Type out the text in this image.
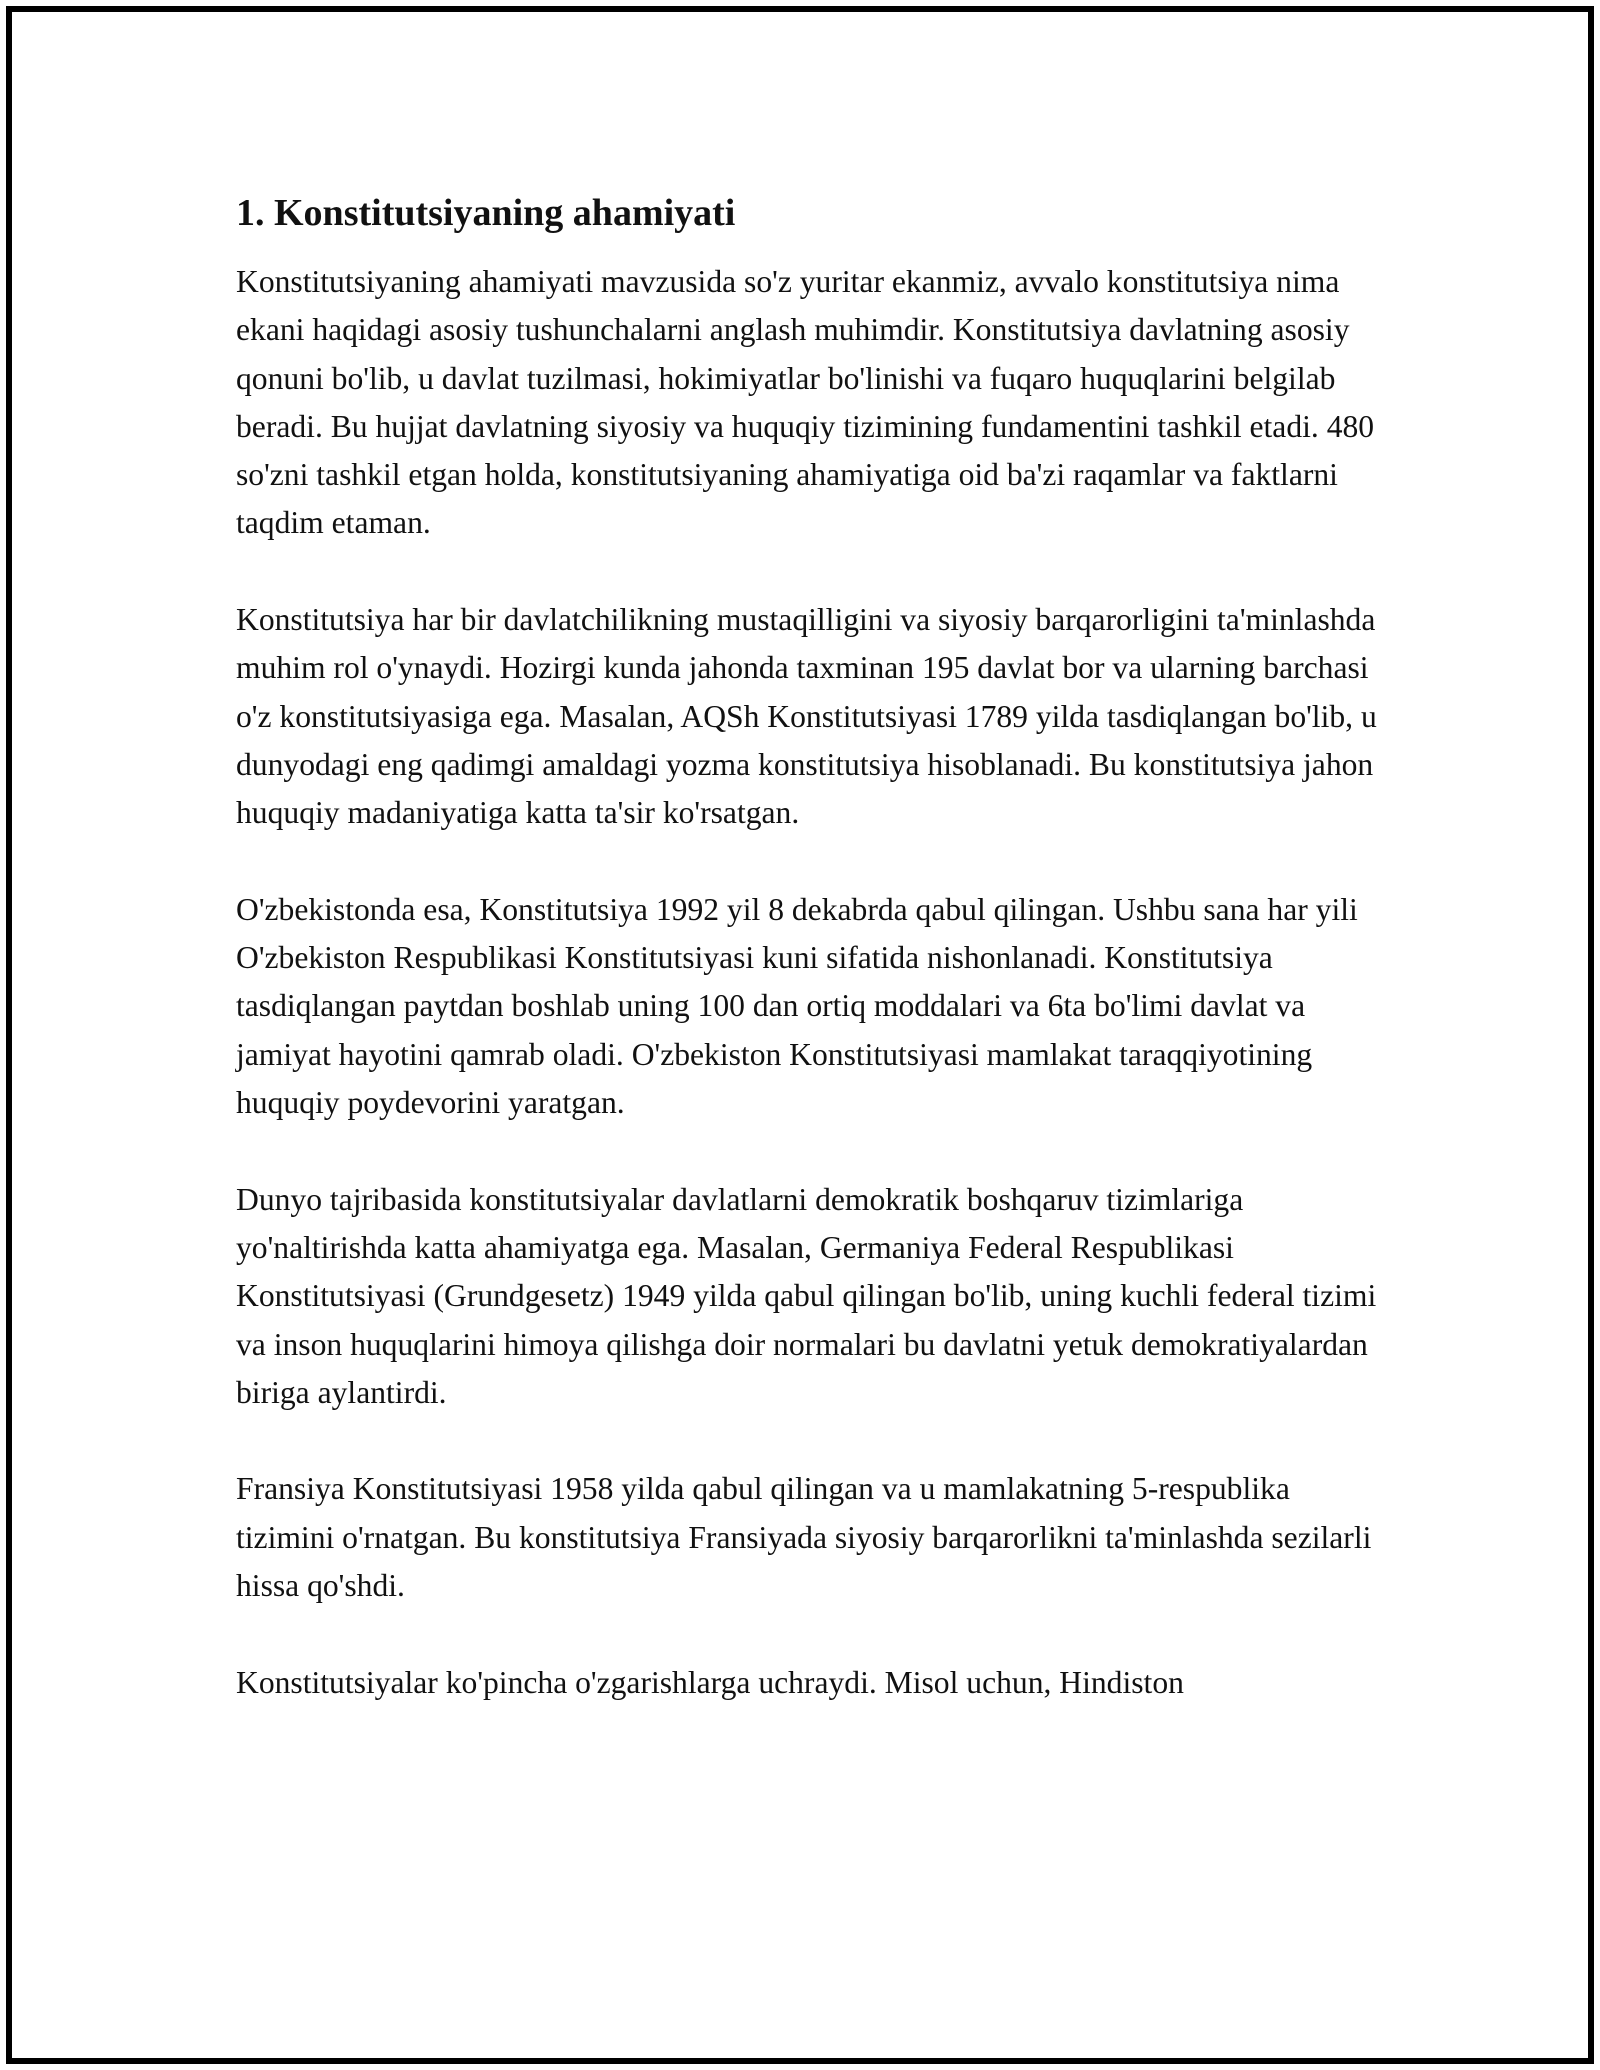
1. Konstitutsiyaning ahamiyati

Konstitutsiyaning ahamiyati mavzusida so'z yuritar ekanmiz, avvalo konstitutsiya nima ekani haqidagi asosiy tushunchalarni anglash muhimdir. Konstitutsiya davlatning asosiy qonuni bo'lib, u davlat tuzilmasi, hokimiyatlar bo'linishi va fuqaro huquqlarini belgilab beradi. Bu hujjat davlatning siyosiy va huquqiy tizimining fundamentini tashkil etadi. 480 so'zni tashkil etgan holda, konstitutsiyaning ahamiyatiga oid ba'zi raqamlar va faktlarni taqdim etaman.

Konstitutsiya har bir davlatchilikning mustaqilligini va siyosiy barqarorligini ta'minlashda muhim rol o'ynaydi. Hozirgi kunda jahonda taxminan 195 davlat bor va ularning barchasi o'z konstitutsiyasiga ega. Masalan, AQSh Konstitutsiyasi 1789 yilda tasdiqlangan bo'lib, u dunyodagi eng qadimgi amaldagi yozma konstitutsiya hisoblanadi. Bu konstitutsiya jahon huquqiy madaniyatiga katta ta'sir ko'rsatgan.

O'zbekistonda esa, Konstitutsiya 1992 yil 8 dekabrda qabul qilingan. Ushbu sana har yili O'zbekiston Respublikasi Konstitutsiyasi kuni sifatida nishonlanadi. Konstitutsiya tasdiqlangan paytdan boshlab uning 100 dan ortiq moddalari va 6ta bo'limi davlat va jamiyat hayotini qamrab oladi. O'zbekiston Konstitutsiyasi mamlakat taraqqiyotining huquqiy poydevorini yaratgan.

Dunyo tajribasida konstitutsiyalar davlatlarni demokratik boshqaruv tizimlariga yo'naltirishda katta ahamiyatga ega. Masalan, Germaniya Federal Respublikasi Konstitutsiyasi (Grundgesetz) 1949 yilda qabul qilingan bo'lib, uning kuchli federal tizimi va inson huquqlarini himoya qilishga doir normalari bu davlatni yetuk demokratiyalardan biriga aylantirdi.

Fransiya Konstitutsiyasi 1958 yilda qabul qilingan va u mamlakatning 5-respublika tizimini o'rnatgan. Bu konstitutsiya Fransiyada siyosiy barqarorlikni ta'minlashda sezilarli hissa qo'shdi.

Konstitutsiyalar ko'pincha o'zgarishlarga uchraydi. Misol uchun, Hindiston
